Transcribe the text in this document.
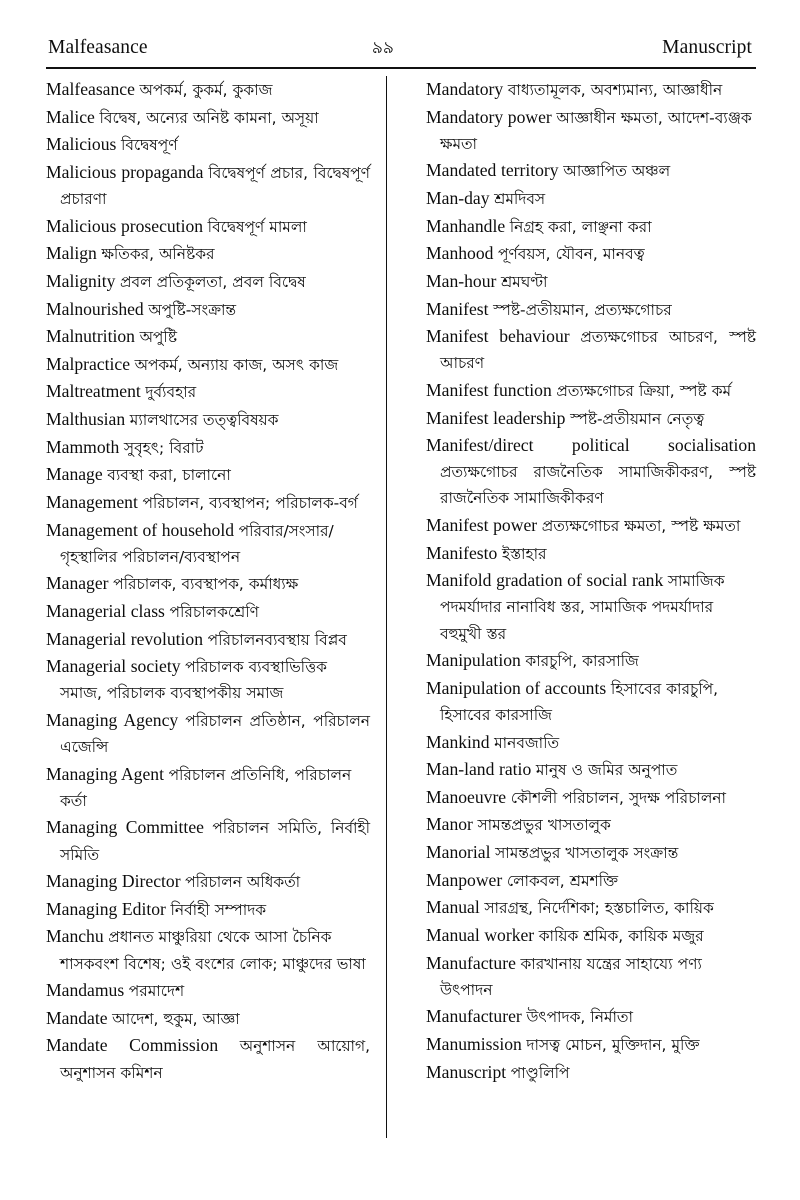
Malfeasance	৯৯	Manuscript

Malfeasance অপকর্ম, কুকর্ম, কুকাজ

Malice বিদ্বেষ, অন্যের অনিষ্ট কামনা, অসূয়া

Malicious বিদ্বেষপূর্ণ

Malicious propaganda বিদ্বেষপূর্ণ প্রচার, বিদ্বেষপূর্ণ প্রচারণা

Malicious prosecution বিদ্বেষপূর্ণ মামলা

Malign ক্ষতিকর, অনিষ্টকর

Malignity প্রবল প্রতিকূলতা, প্রবল বিদ্বেষ

Malnourished অপুষ্টি-সংক্রান্ত

Malnutrition অপুষ্টি

Malpractice অপকর্ম, অন্যায় কাজ, অসৎ কাজ

Maltreatment দুর্ব্যবহার

Malthusian ম্যালথাসের তত্ত্ববিষয়ক

Mammoth সুবৃহৎ; বিরাট

Manage ব্যবস্থা করা, চালানো

Management পরিচালন, ব্যবস্থাপন; পরিচালক-বর্গ

Management of household পরিবার/সংসার/গৃহস্থালির পরিচালন/ব্যবস্থাপন

Manager পরিচালক, ব্যবস্থাপক, কর্মাধ্যক্ষ

Managerial class পরিচালকশ্রেণি

Managerial revolution পরিচালনব্যবস্থায় বিপ্লব

Managerial society পরিচালক ব্যবস্থাভিত্তিক সমাজ, পরিচালক ব্যবস্থাপকীয় সমাজ

Managing Agency পরিচালন প্রতিষ্ঠান, পরিচালন এজেন্সি

Managing Agent পরিচালন প্রতিনিধি, পরিচালন কর্তা

Managing Committee পরিচালন সমিতি, নির্বাহী সমিতি

Managing Director পরিচালন অধিকর্তা

Managing Editor নির্বাহী সম্পাদক

Manchu প্রধানত মাঞ্চুরিয়া থেকে আসা চৈনিক শাসকবংশ বিশেষ; ওই বংশের লোক; মাঞ্চুদের ভাষা

Mandamus পরমাদেশ

Mandate আদেশ, হুকুম, আজ্ঞা

Mandate Commission অনুশাসন আয়োগ, অনুশাসন কমিশন

Mandatory বাধ্যতামূলক, অবশ্যমান্য, আজ্ঞাধীন

Mandatory power আজ্ঞাধীন ক্ষমতা, আদেশ-ব্যঞ্জক ক্ষমতা

Mandated territory আজ্ঞাপিত অঞ্চল

Man-day শ্রমদিবস

Manhandle নিগ্রহ করা, লাঞ্ছনা করা

Manhood পূর্ণবয়স, যৌবন, মানবত্ব

Man-hour শ্রমঘণ্টা

Manifest স্পষ্ট-প্রতীয়মান, প্রত্যক্ষগোচর

Manifest behaviour প্রত্যক্ষগোচর আচরণ, স্পষ্ট আচরণ

Manifest function প্রত্যক্ষগোচর ক্রিয়া, স্পষ্ট কর্ম

Manifest leadership স্পষ্ট-প্রতীয়মান নেতৃত্ব

Manifest/direct political socialisation প্রত্যক্ষগোচর রাজনৈতিক সামাজিকীকরণ, স্পষ্ট রাজনৈতিক সামাজিকীকরণ

Manifest power প্রত্যক্ষগোচর ক্ষমতা, স্পষ্ট ক্ষমতা

Manifesto ইস্তাহার

Manifold gradation of social rank সামাজিক পদমর্যাদার নানাবিধ স্তর, সামাজিক পদমর্যাদার বহুমুখী স্তর

Manipulation কারচুপি, কারসাজি

Manipulation of accounts হিসাবের কারচুপি, হিসাবের কারসাজি

Mankind মানবজাতি

Man-land ratio মানুষ ও জমির অনুপাত

Manoeuvre কৌশলী পরিচালন, সুদক্ষ পরিচালনা

Manor সামন্তপ্রভুর খাসতালুক

Manorial সামন্তপ্রভুর খাসতালুক সংক্রান্ত

Manpower লোকবল, শ্রমশক্তি

Manual সারগ্রন্থ, নির্দেশিকা; হস্তচালিত, কায়িক

Manual worker কায়িক শ্রমিক, কায়িক মজুর

Manufacture কারখানায় যন্ত্রের সাহায্যে পণ্য উৎপাদন

Manufacturer উৎপাদক, নির্মাতা

Manumission দাসত্ব মোচন, মুক্তিদান, মুক্তি

Manuscript পাণ্ডুলিপি
